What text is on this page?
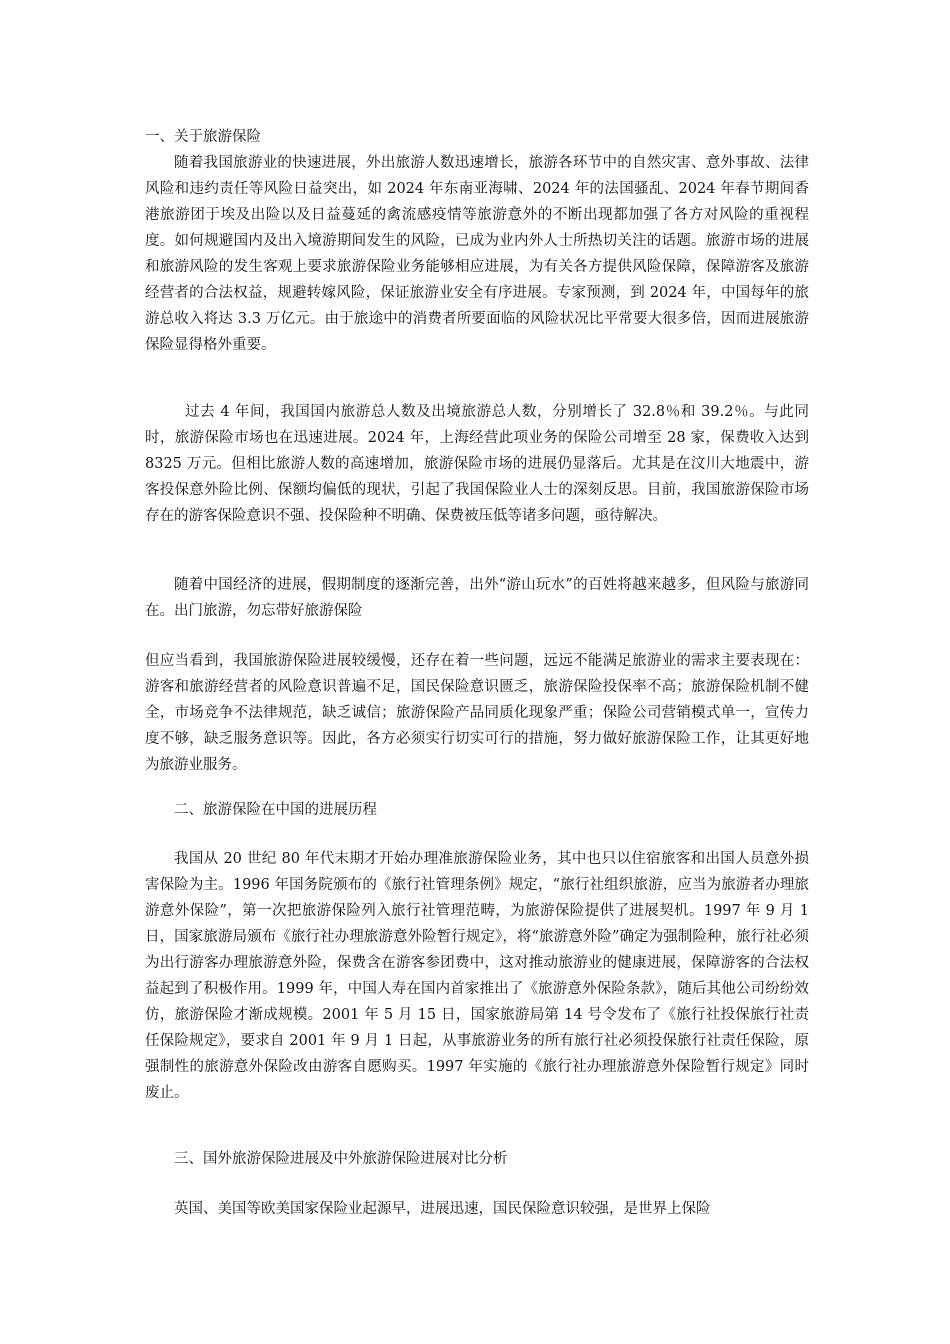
一、关于旅游保险

随着我国旅游业的快速进展，外出旅游人数迅速增长，旅游各环节中的自然灾害、意外事故、法律风险和违约责任等风险日益突出，如 2024 年东南亚海啸、2024 年的法国骚乱、2024 年春节期间香港旅游团于埃及出险以及日益蔓延的禽流感疫情等旅游意外的不断出现都加强了各方对风险的重视程度。如何规避国内及出入境游期间发生的风险，已成为业内外人士所热切关注的话题。旅游市场的进展和旅游风险的发生客观上要求旅游保险业务能够相应进展，为有关各方提供风险保障，保障游客及旅游经营者的合法权益，规避转嫁风险，保证旅游业安全有序进展。专家预测，到 2024 年，中国每年的旅游总收入将达 3.3 万亿元。由于旅途中的消费者所要面临的风险状况比平常要大很多倍，因而进展旅游保险显得格外重要。

过去 4 年间，我国国内旅游总人数及出境旅游总人数，分别增长了 32.8％和 39.2％。与此同时，旅游保险市场也在迅速进展。2024 年，上海经营此项业务的保险公司增至 28 家，保费收入达到 8325 万元。但相比旅游人数的高速增加，旅游保险市场的进展仍显落后。尤其是在汶川大地震中，游客投保意外险比例、保额均偏低的现状，引起了我国保险业人士的深刻反思。目前，我国旅游保险市场存在的游客保险意识不强、投保险种不明确、保费被压低等诸多问题，亟待解决。

随着中国经济的进展，假期制度的逐渐完善，出外“游山玩水”的百姓将越来越多，但风险与旅游同在。出门旅游，勿忘带好旅游保险

但应当看到，我国旅游保险进展较缓慢，还存在着一些问题，远远不能满足旅游业的需求主要表现在：游客和旅游经营者的风险意识普遍不足，国民保险意识匮乏，旅游保险投保率不高；旅游保险机制不健全，市场竞争不法律规范，缺乏诚信；旅游保险产品同质化现象严重；保险公司营销模式单一，宣传力度不够，缺乏服务意识等。因此，各方必须实行切实可行的措施，努力做好旅游保险工作，让其更好地为旅游业服务。

二、旅游保险在中国的进展历程

我国从 20 世纪 80 年代末期才开始办理准旅游保险业务，其中也只以住宿旅客和出国人员意外损害保险为主。1996 年国务院颁布的《旅行社管理条例》规定，“旅行社组织旅游，应当为旅游者办理旅游意外保险”，第一次把旅游保险列入旅行社管理范畴，为旅游保险提供了进展契机。1997 年 9 月 1 日，国家旅游局颁布《旅行社办理旅游意外险暂行规定》，将“旅游意外险”确定为强制险种，旅行社必须为出行游客办理旅游意外险，保费含在游客参团费中，这对推动旅游业的健康进展，保障游客的合法权益起到了积极作用。1999 年，中国人寿在国内首家推出了《旅游意外保险条款》，随后其他公司纷纷效仿，旅游保险才渐成规模。2001 年 5 月 15 日，国家旅游局第 14 号令发布了《旅行社投保旅行社责任保险规定》，要求自 2001 年 9 月 1 日起，从事旅游业务的所有旅行社必须投保旅行社责任保险，原强制性的旅游意外保险改由游客自愿购买。1997 年实施的《旅行社办理旅游意外保险暂行规定》同时废止。

三、国外旅游保险进展及中外旅游保险进展对比分析

英国、美国等欧美国家保险业起源早，进展迅速，国民保险意识较强，是世界上保险
